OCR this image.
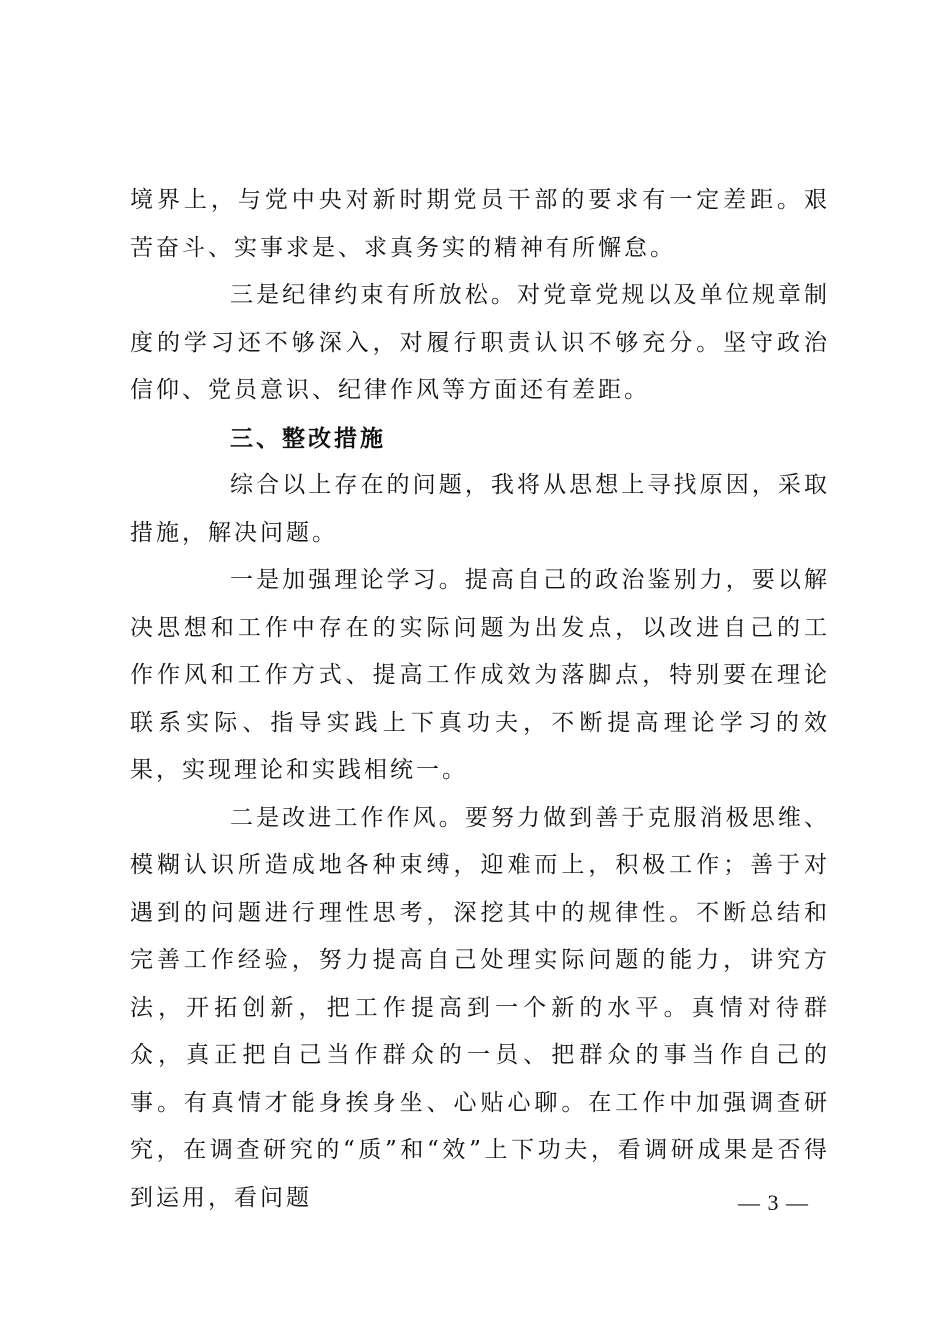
境界上，与党中央对新时期党员干部的要求有一定差距。艰苦奋斗、实事求是、求真务实的精神有所懈怠。

三是纪律约束有所放松。对党章党规以及单位规章制度的学习还不够深入，对履行职责认识不够充分。坚守政治信仰、党员意识、纪律作风等方面还有差距。

三、整改措施

综合以上存在的问题，我将从思想上寻找原因，采取措施，解决问题。

一是加强理论学习。提高自己的政治鉴别力，要以解决思想和工作中存在的实际问题为出发点，以改进自己的工作作风和工作方式、提高工作成效为落脚点，特别要在理论联系实际、指导实践上下真功夫，不断提高理论学习的效果，实现理论和实践相统一。

二是改进工作作风。要努力做到善于克服消极思维、模糊认识所造成地各种束缚，迎难而上，积极工作；善于对遇到的问题进行理性思考，深挖其中的规律性。不断总结和完善工作经验，努力提高自己处理实际问题的能力，讲究方法，开拓创新，把工作提高到一个新的水平。真情对待群众，真正把自己当作群众的一员、把群众的事当作自己的事。有真情才能身挨身坐、心贴心聊。在工作中加强调查研究，在调查研究的“质”和“效”上下功夫，看调研成果是否得到运用，看问题	— 3 —
